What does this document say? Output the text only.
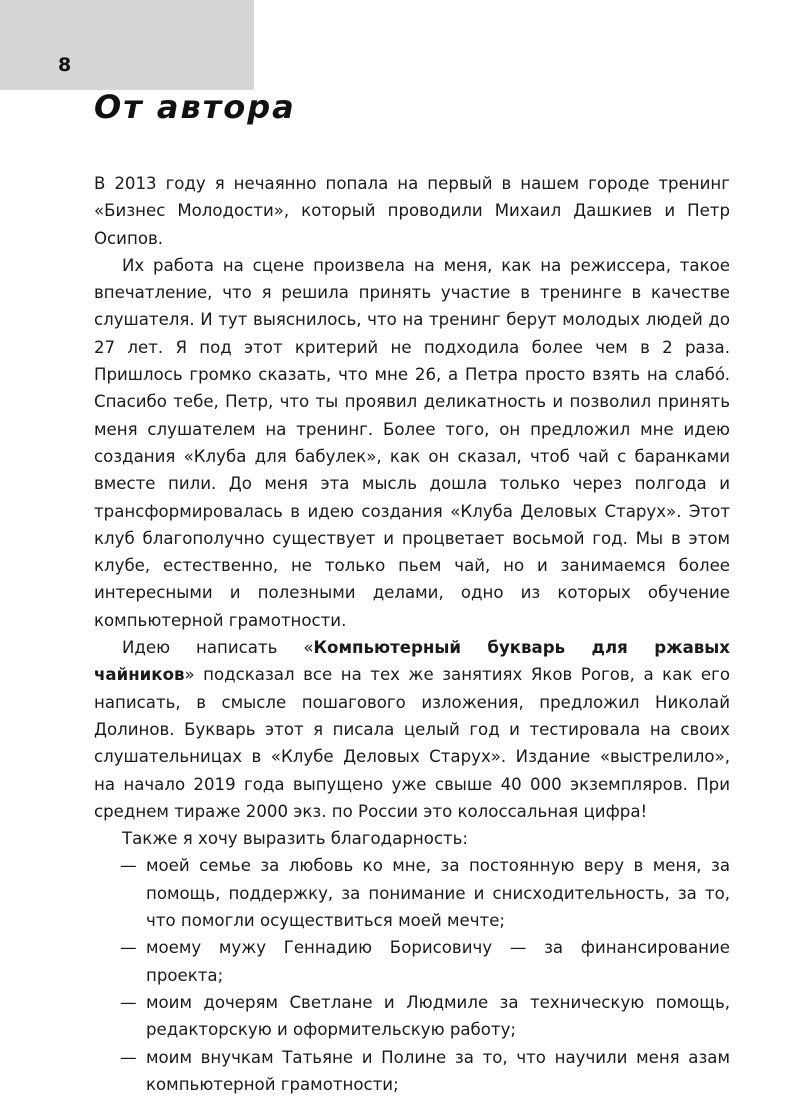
8
От автора

В 2013 году я нечаянно попала на первый в нашем городе тренинг «Бизнес Молодости», который проводили Михаил Дашкиев и Петр Осипов.

Их работа на сцене произвела на меня, как на режиссера, такое впечатление, что я решила принять участие в тренинге в качестве слушателя. И тут выяснилось, что на тренинг берут молодых людей до 27 лет. Я под этот критерий не подходила более чем в 2 раза. Пришлось громко сказать, что мне 26, а Петра просто взять на слабó. Спасибо тебе, Петр, что ты проявил деликатность и позволил принять меня слушателем на тренинг. Более того, он предложил мне идею создания «Клуба для бабулек», как он сказал, чтоб чай с баранками вместе пили. До меня эта мысль дошла только через полгода и трансформировалась в идею создания «Клуба Деловых Старух». Этот клуб благополучно существует и процветает восьмой год. Мы в этом клубе, естественно, не только пьем чай, но и занимаемся более интересными и полезными делами, одно из которых обучение компьютерной грамотности.

Идею написать «Компьютерный букварь для ржавых чайников» подсказал все на тех же занятиях Яков Рогов, а как его написать, в смысле пошагового изложения, предложил Николай Долинов. Букварь этот я писала целый год и тестировала на своих слушательницах в «Клубе Деловых Старух». Издание «выстрелило», на начало 2019 года выпущено уже свыше 40 000 экземпляров. При среднем тираже 2000 экз. по России это колоссальная цифра!

Также я хочу выразить благодарность:

— моей семье за любовь ко мне, за постоянную веру в меня, за помощь, поддержку, за понимание и снисходительность, за то, что помогли осуществиться моей мечте;
— моему мужу Геннадию Борисовичу — за финансирование проекта;
— моим дочерям Светлане и Людмиле за техническую помощь, редакторскую и оформительскую работу;
— моим внучкам Татьяне и Полине за то, что научили меня азам компьютерной грамотности;
